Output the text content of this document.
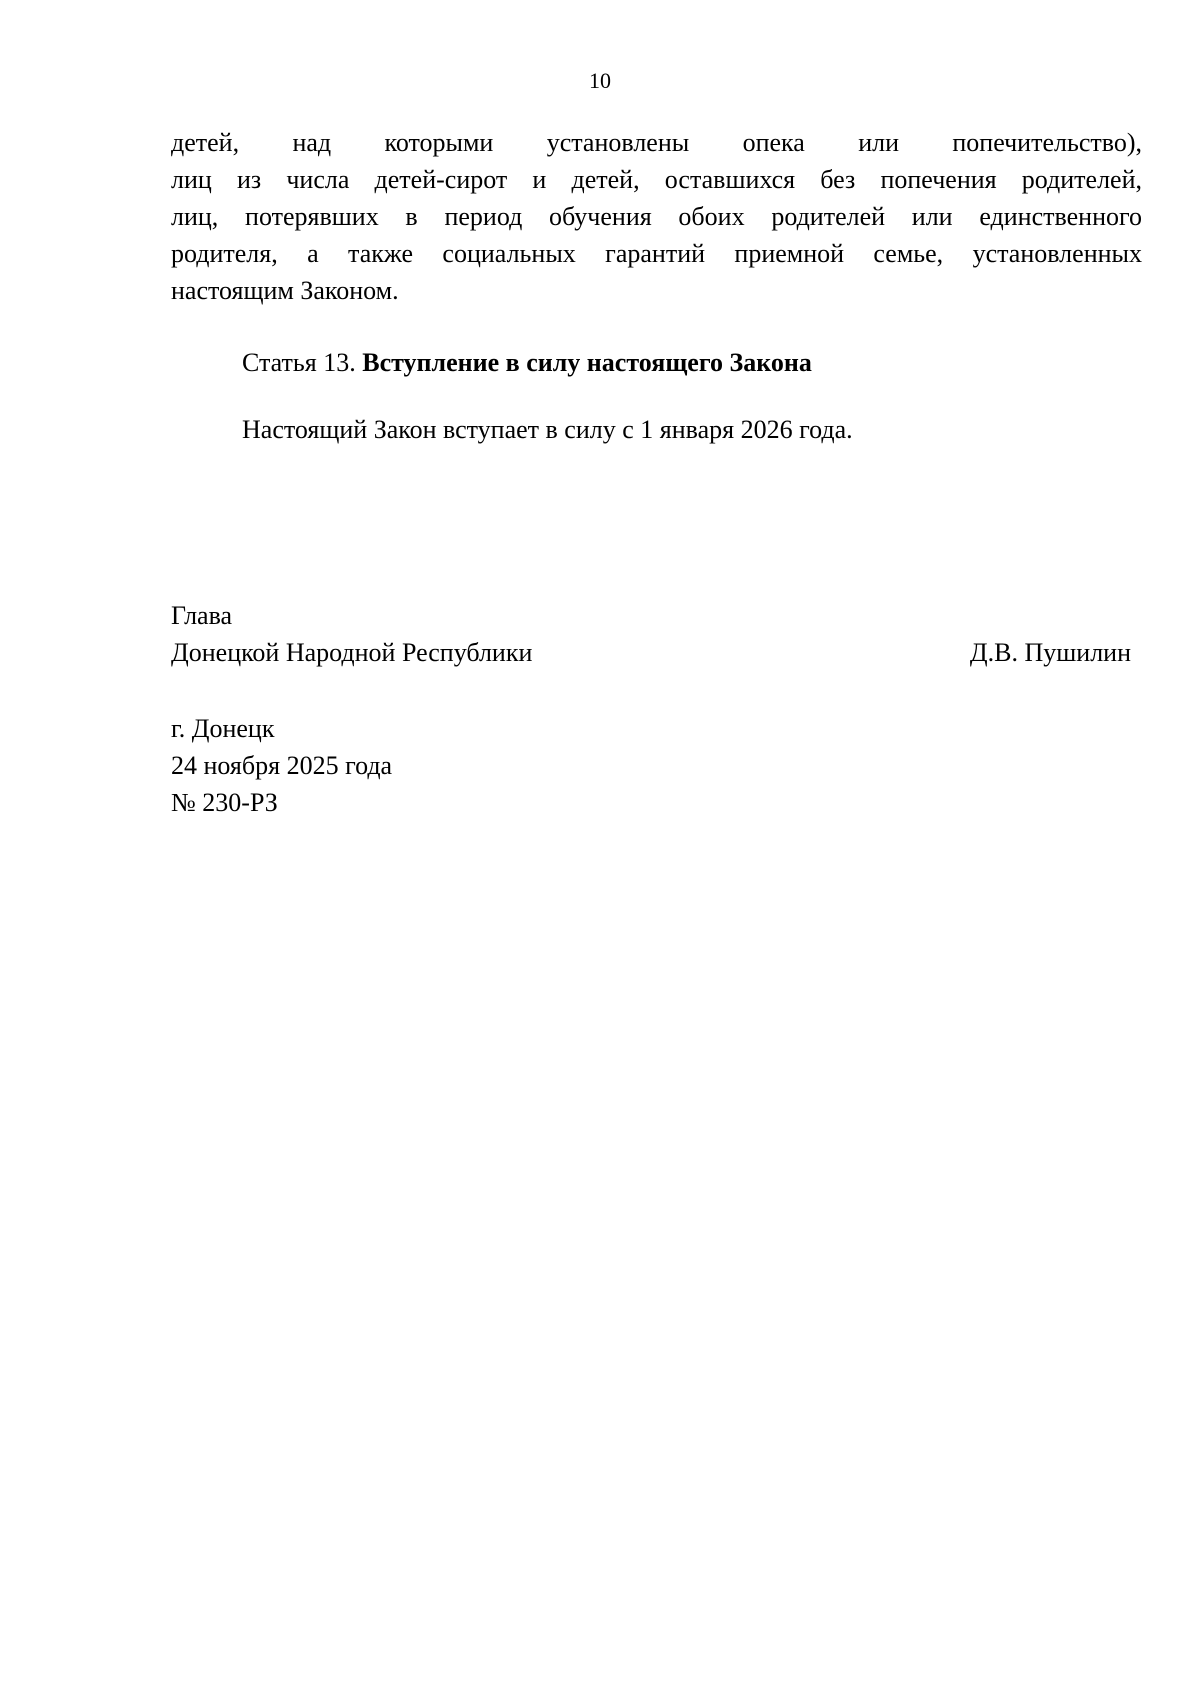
10
детей, над которыми установлены опека или попечительство),
лиц из числа детей-сирот и детей, оставшихся без попечения родителей,
лиц, потерявших в период обучения обоих родителей или единственного
родителя, а также социальных гарантий приемной семье, установленных
настоящим Законом.
Статья 13. Вступление в силу настоящего Закона
Настоящий Закон вступает в силу с 1 января 2026 года.
Глава
Донецкой Народной Республики	Д.В. Пушилин
г. Донецк
24 ноября 2025 года
№ 230-РЗ
